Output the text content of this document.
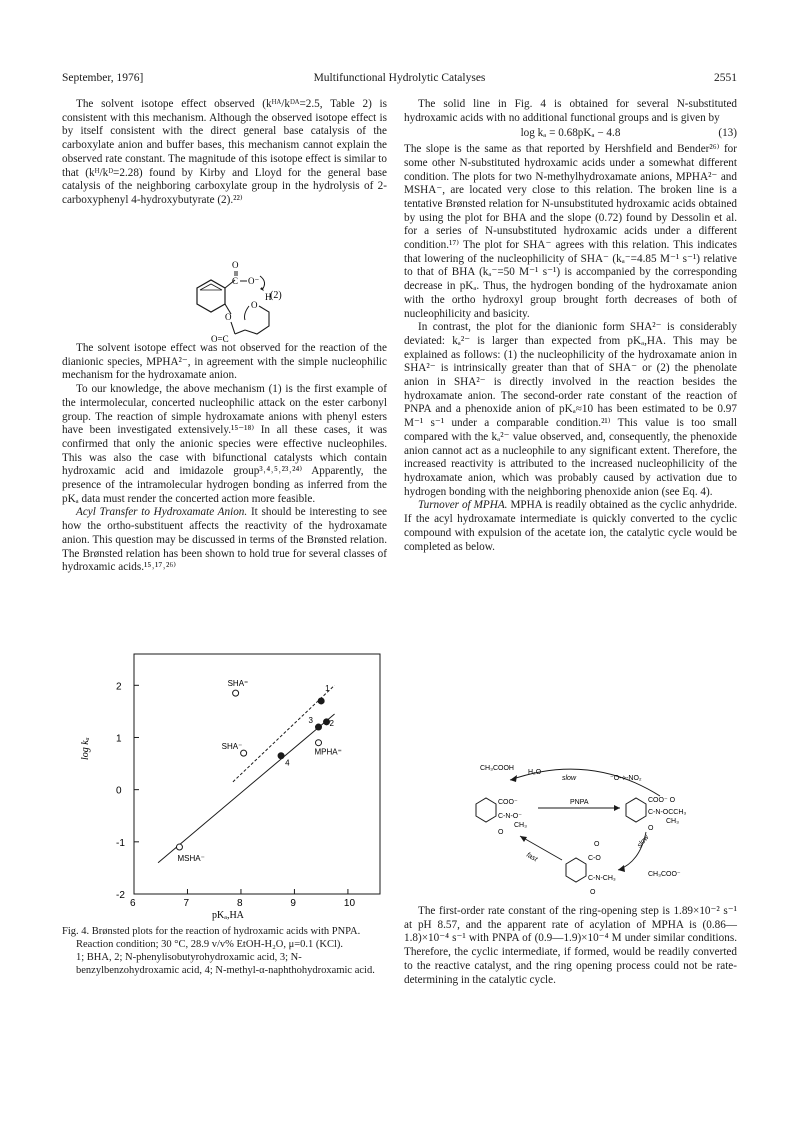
September, 1976]	Multifunctional Hydrolytic Catalyses	2551

The solvent isotope effect observed (kᴴᴬ/kᴰᴬ=2.5, Table 2) is consistent with this mechanism. Although the observed isotope effect is by itself consistent with the direct general base catalysis of the carboxylate anion and buffer bases, this mechanism cannot explain the observed rate constant. The magnitude of this isotope effect is similar to that (kᴴ/kᴰ=2.28) found by Kirby and Lloyd for the general base catalysis of the neighboring carboxylate group in the hydrolysis of 2-carboxyphenyl 4-hydroxybutyrate (2).²²⁾

O
C O⁻
H
O
O
O=C
(2)

The solvent isotope effect was not observed for the reaction of the dianionic species, MPHA²⁻, in agreement with the simple nucleophilic mechanism for the hydroxamate anion.

To our knowledge, the above mechanism (1) is the first example of the intermolecular, concerted nucleophilic attack on the ester carbonyl group. The reaction of simple hydroxamate anions with phenyl esters have been investigated extensively.¹⁵⁻¹⁸⁾ In all these cases, it was confirmed that only the anionic species were effective nucleophiles. This was also the case with bifunctional catalysts which contain hydroxamic acid and imidazole group³˒⁴˒⁵˒²³˒²⁴⁾ Apparently, the presence of the intramolecular hydrogen bonding as inferred from the pKₐ data must render the concerted action more feasible.

Acyl Transfer to Hydroxamate Anion. It should be interesting to see how the ortho-substituent affects the reactivity of the hydroxamate anion. This question may be discussed in terms of the Brønsted relation. The Brønsted relation has been shown to hold true for several classes of hydroxamic acids.¹⁵˒¹⁷˒²⁶⁾

6	7	8	9	10
-2
-1
0
1
2	SHA⁼
SHA⁻
MPHA⁼
MSHA⁻
1
2
3
4
log kₐ
pKₐ,HA

Fig. 4. Brønsted plots for the reaction of hydroxamic acids with PNPA.

Reaction condition; 30 °C, 28.9 v/v% EtOH-H₂O, μ=0.1 (KCl).

1; BHA, 2; N-phenylisobutyrohydroxamic acid, 3; N-benzylbenzohydroxamic acid, 4; N-methyl-α-naphthohydroxamic acid.

The solid line in Fig. 4 is obtained for several N-substituted hydroxamic acids with no additional functional groups and is given by

log kₐ = 0.68pKₐ − 4.8	(13)

The slope is the same as that reported by Hershfield and Bender²⁶⁾ for some other N-substituted hydroxamic acids under a somewhat different condition. The plots for two N-methylhydroxamate anions, MPHA²⁻ and MSHA⁻, are located very close to this relation. The broken line is a tentative Brønsted relation for N-unsubstituted hydroxamic acids obtained by using the plot for BHA and the slope (0.72) found by Dessolin et al. for a series of N-unsubstituted hydroxamic acids under a different condition.¹⁷⁾ The plot for SHA⁻ agrees with this relation. This indicates that lowering of the nucleophilicity of SHA⁻ (kₐ⁻=4.85 M⁻¹ s⁻¹) relative to that of BHA (kₐ⁻=50 M⁻¹ s⁻¹) is accompanied by the corresponding decrease in pKₐ. Thus, the hydrogen bonding of the hydroxamate anion with the ortho hydroxyl group brought forth decreases of both of nucleophilicity and basicity.

In contrast, the plot for the dianionic form SHA²⁻ is considerably deviated: kₐ²⁻ is larger than expected from pKₐ,HA. This may be explained as follows: (1) the nucleophilicity of the hydroxamate anion in SHA²⁻ is intrinsically greater than that of SHA⁻ or (2) the phenolate anion in SHA²⁻ is directly involved in the reaction besides the hydroxamate anion. The second-order rate constant of the reaction of PNPA and a phenoxide anion of pKₐ≈10 has been estimated to be 0.97 M⁻¹ s⁻¹ under a comparable condition.²¹⁾ This value is too small compared with the kₐ²⁻ value observed, and, consequently, the phenoxide anion cannot act as a nucleophile to any significant extent. Therefore, the increased reactivity is attributed to the increased nucleophilicity of the hydroxamate anion, which was probably caused by activation due to hydrogen bonding with the neighboring phenoxide anion (see Eq. 4).

Turnover of MPHA. MPHA is readily obtained as the cyclic anhydride. If the acyl hydroxamate intermediate is quickly converted to the cyclic compound with expulsion of the acetate ion, the catalytic cycle would be completed as below.

CH₃COOH
H₂O
slow	⁻O‑⟡‑NO₂
COO⁻
C‑N‑O⁻
CH₃
O
PNPA	COO⁻ O
C‑N‑OCCH₃
CH₃
O
slow
CH₃COO⁻
fast
O
C‑O
C‑N‑CH₃
O

The first-order rate constant of the ring-opening step is 1.89×10⁻² s⁻¹ at pH 8.57, and the apparent rate of acylation of MPHA is (0.86—1.8)×10⁻⁴ s⁻¹ with PNPA of (0.9—1.9)×10⁻⁴ M under similar conditions. Therefore, the cyclic intermediate, if formed, would be readily converted to the reactive catalyst, and the ring opening process could not be rate-determining in the catalytic cycle.
